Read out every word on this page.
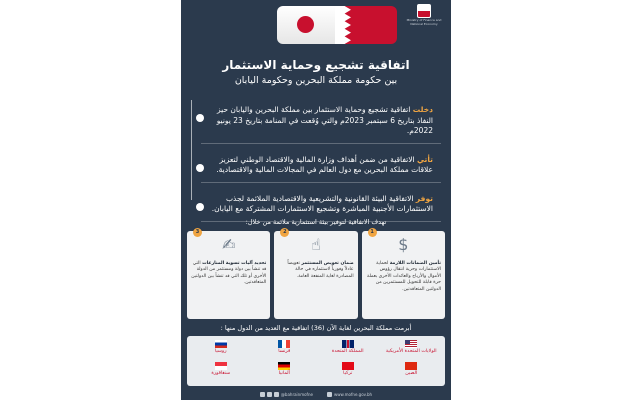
Ministry of Finance and National Economy
اتفاقية تشجيع وحماية الاستثمار
بين حكومة مملكة البحرين وحكومة اليابان
دخلت اتفاقية تشجيع وحماية الاستثمار بين مملكة البحرين واليابان حيز النفاذ بتاريخ 6 سبتمبر 2023م والتي وُقعت في المنامة بتاريخ 23 يونيو 2022م.
تأتي الاتفاقية من ضمن أهداف وزارة المالية والاقتصاد الوطني لتعزيز علاقات مملكة البحرين مع دول العالم في المجالات المالية والاقتصادية.
توفر الاتفاقية البيئة القانونية والتشريعية والاقتصادية الملائمة لجذب الاستثمارات الأجنبية المباشرة وتشجيع الاستثمارات المشتركة مع اليابان.
تهدف الاتفاقية لتوفير بيئة استثمارية ملائمة من خلال:
1
$
تأمين الضمانات اللازمة لحماية الاستثمارات وحرية انتقال رؤوس الأموال والأرباح والعائدات الأخرى بعملة حرة قابلة للتحويل للمستثمرين من الدولتين المتعاقدتين.
2
☝
ضمان تعويض المستثمر تعويضاً عادلاً وفورياً لاستثماره في حالة المصادرة لغاية المنفعة العامة.
3
✍
تحديد آليات تسوية المنازعات التي قد تنشأ بين دولة ومستثمر من الدولة الأخرى أو تلك التي قد تنشأ بين الدولتين المتعاقدتين.
أبرمت مملكة البحرين لغاية الآن (36) اتفاقية مع العديد من الدول منها :
الولايات المتحدة الأمريكية
المملكة المتحدة
فرنسا
روسيا
الصين
تركيا
ألمانيا
سنغافورة
@bahrainmofne	www.mofne.gov.bh
